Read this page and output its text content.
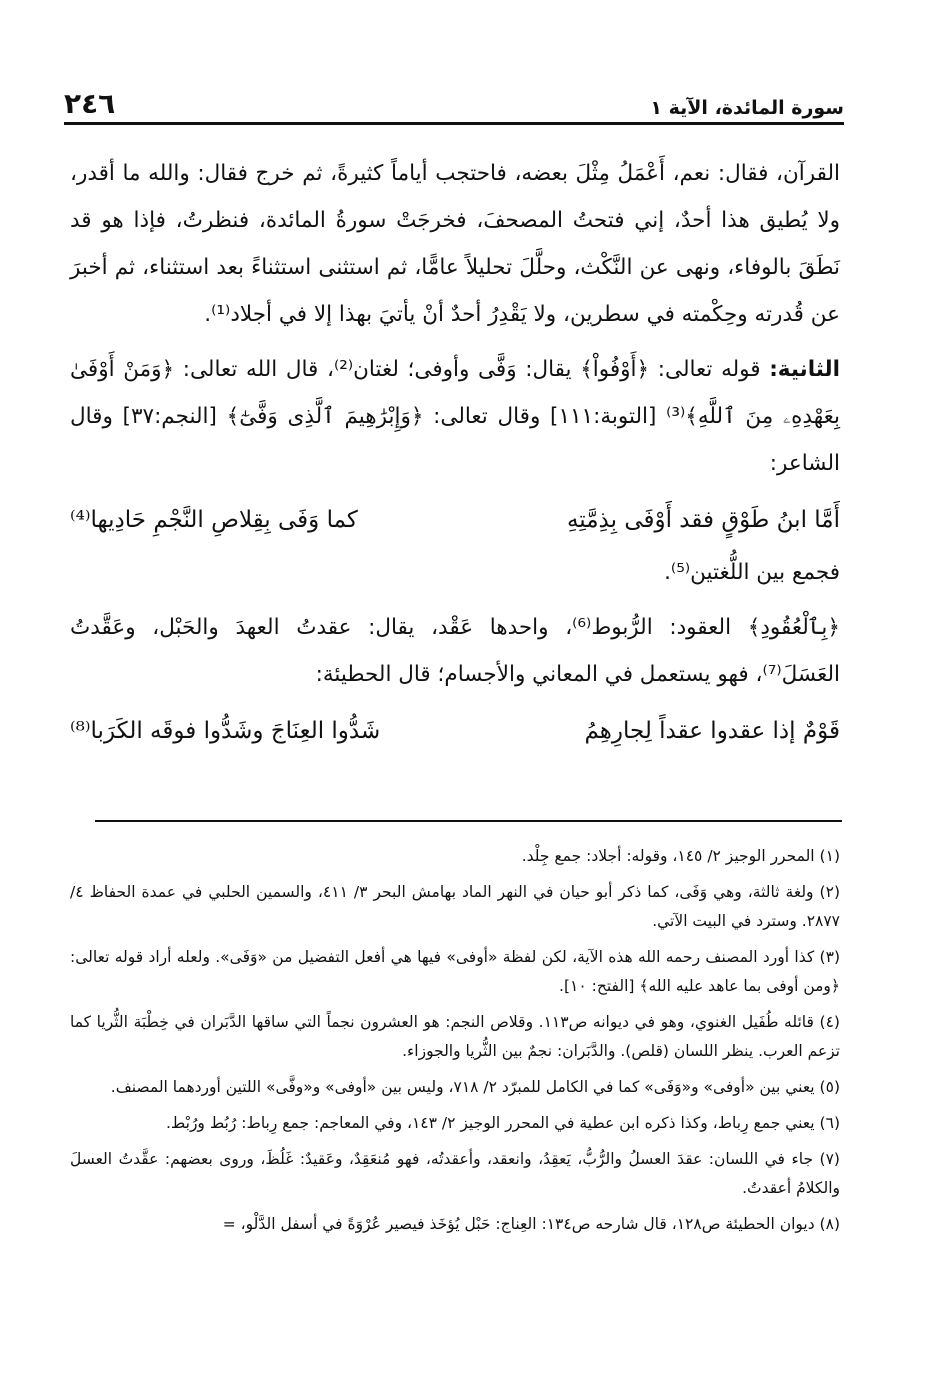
سورة المائدة، الآية ١
٢٤٦

القرآن، فقال: نعم، أَعْمَلُ مِثْلَ بعضه، فاحتجب أياماً كثيرةً، ثم خرج فقال: والله ما أقدر، ولا يُطيق هذا أحدٌ، إني فتحتُ المصحفَ، فخرجَتْ سورةُ المائدة، فنظرتُ، فإذا هو قد نَطَقَ بالوفاء، ونهى عن النَّكْث، وحلَّلَ تحليلاً عامًّا، ثم استثنى استثناءً بعد استثناء، ثم أخبرَ عن قُدرته وحِكْمته في سطرين، ولا يَقْدِرُ أحدٌ أنْ يأتيَ بهذا إلا في أجلاد⁽¹⁾.

الثانية: قوله تعالى: ﴿أَوْفُواْ﴾ يقال: وَفَّى وأوفى؛ لغتان⁽²⁾، قال الله تعالى: ﴿وَمَنْ أَوْفَىٰ بِعَهْدِهِۦ مِنَ ٱللَّهِ﴾⁽³⁾ [التوبة:١١١] وقال تعالى: ﴿وَإِبْرَٰهِيمَ ٱلَّذِى وَفَّىٰٓ﴾ [النجم:٣٧] وقال الشاعر:

أَمَّا ابنُ طَوْقٍ فقد أَوْفَى بِذِمَّتِهِ
كما وَفَى بِقِلاصِ النَّجْمِ حَادِيها⁽⁴⁾

فجمع بين اللُّغتين⁽⁵⁾.

﴿بِٱلْعُقُودِ﴾ العقود: الرُّبوط⁽⁶⁾، واحدها عَقْد، يقال: عقدتُ العهدَ والحَبْل، وعَقَّدتُ العَسَلَ⁽⁷⁾، فهو يستعمل في المعاني والأجسام؛ قال الحطيئة:

قَوْمٌ إذا عقدوا عقداً لِجارِهِمُ
شَدُّوا العِنَاجَ وشَدُّوا فوقَه الكَرَبا⁽⁸⁾

(١) المحرر الوجيز ٢/ ١٤٥، وقوله: أجلاد: جمع جِلْد.

(٢) ولغة ثالثة، وهي وَفَى، كما ذكر أبو حيان في النهر الماد بهامش البحر ٣/ ٤١١، والسمين الحلبي في عمدة الحفاظ ٤/ ٢٨٧٧. وسترد في البيت الآتي.

(٣) كذا أورد المصنف رحمه الله هذه الآية، لكن لفظة «أوفى» فيها هي أفعل التفضيل من «وَفَى». ولعله أراد قوله تعالى: ﴿ومن أوفى بما عاهد عليه الله﴾ [الفتح: ١٠].

(٤) قائله طُفَيل الغنوي، وهو في ديوانه ص١١٣. وقلاص النجم: هو العشرون نجماً التي ساقها الدَّبَران في خِطْبَة الثُّريا كما تزعم العرب. ينظر اللسان (قلص). والدَّبَران: نجمٌ بين الثُّريا والجوزاء.

(٥) يعني بين «أوفى» و«وَفَى» كما في الكامل للمبرّد ٢/ ٧١٨، وليس بين «أوفى» و«وفَّى» اللتين أوردهما المصنف.

(٦) يعني جمع رِباط، وكذا ذكره ابن عطية في المحرر الوجيز ٢/ ١٤٣، وفي المعاجم: جمع رِباط: رُبُط ورُبْط.

(٧) جاء في اللسان: عقدَ العسلُ والرُّبُّ، يَعقِدُ، وانعقد، وأعقدتُه، فهو مُنعَقِدٌ، وعَقيدٌ: غَلُظَ، وروى بعضهم: عقَّدتُ العسلَ والكلامُ أعقدتُ.

(٨) ديوان الحطيئة ص١٢٨، قال شارحه ص١٣٤: العِناج: حَبْل يُؤخَذ فيصير عُرْوَةً في أسفل الدَّلْو، =
